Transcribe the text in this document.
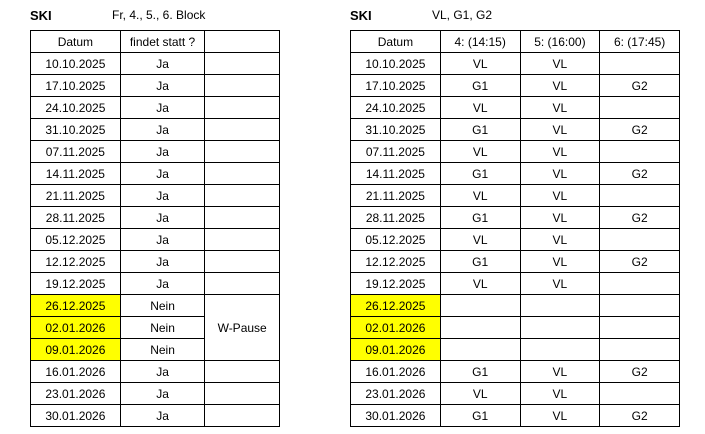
SKI	Fr, 4., 5., 6. Block
Datum	findet statt ?	
10.10.2025	Ja	
17.10.2025	Ja	
24.10.2025	Ja	
31.10.2025	Ja	
07.11.2025	Ja	
14.11.2025	Ja	
21.11.2025	Ja	
28.11.2025	Ja	
05.12.2025	Ja	
12.12.2025	Ja	
19.12.2025	Ja	
26.12.2025	Nein	W-Pause
02.01.2026	Nein	
09.01.2026	Nein	
16.01.2026	Ja	
23.01.2026	Ja	
30.01.2026	Ja	
SKI	VL, G1, G2
Datum	4: (14:15)	5: (16:00)	6: (17:45)
10.10.2025	VL	VL	
17.10.2025	G1	VL	G2
24.10.2025	VL	VL	
31.10.2025	G1	VL	G2
07.11.2025	VL	VL	
14.11.2025	G1	VL	G2
21.11.2025	VL	VL	
28.11.2025	G1	VL	G2
05.12.2025	VL	VL	
12.12.2025	G1	VL	G2
19.12.2025	VL	VL	
26.12.2025			
02.01.2026			
09.01.2026			
16.01.2026	G1	VL	G2
23.01.2026	VL	VL	
30.01.2026	G1	VL	G2
